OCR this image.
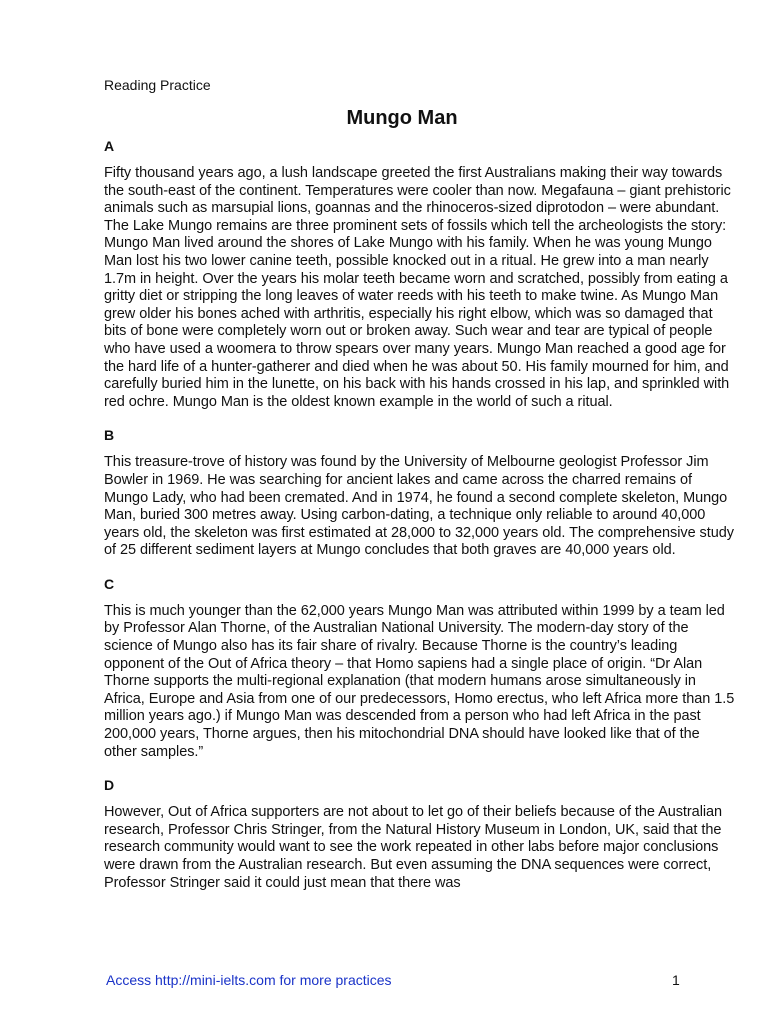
Reading Practice
Mungo Man

A

Fifty thousand years ago, a lush landscape greeted the first Australians making their way towards the south-east of the continent. Temperatures were cooler than now. Megafauna – giant prehistoric animals such as marsupial lions, goannas and the rhinoceros-sized diprotodon – were abundant. The Lake Mungo remains are three prominent sets of fossils which tell the archeologists the story: Mungo Man lived around the shores of Lake Mungo with his family. When he was young Mungo Man lost his two lower canine teeth, possible knocked out in a ritual. He grew into a man nearly 1.7m in height. Over the years his molar teeth became worn and scratched, possibly from eating a gritty diet or stripping the long leaves of water reeds with his teeth to make twine. As Mungo Man grew older his bones ached with arthritis, especially his right elbow, which was so damaged that bits of bone were completely worn out or broken away. Such wear and tear are typical of people who have used a woomera to throw spears over many years. Mungo Man reached a good age for the hard life of a hunter-gatherer and died when he was about 50. His family mourned for him, and carefully buried him in the lunette, on his back with his hands crossed in his lap, and sprinkled with red ochre. Mungo Man is the oldest known example in the world of such a ritual.

B

This treasure-trove of history was found by the University of Melbourne geologist Professor Jim Bowler in 1969. He was searching for ancient lakes and came across the charred remains of Mungo Lady, who had been cremated. And in 1974, he found a second complete skeleton, Mungo Man, buried 300 metres away. Using carbon-dating, a technique only reliable to around 40,000 years old, the skeleton was first estimated at 28,000 to 32,000 years old. The comprehensive study of 25 different sediment layers at Mungo concludes that both graves are 40,000 years old.

C

This is much younger than the 62,000 years Mungo Man was attributed within 1999 by a team led by Professor Alan Thorne, of the Australian National University. The modern-day story of the science of Mungo also has its fair share of rivalry. Because Thorne is the country’s leading opponent of the Out of Africa theory – that Homo sapiens had a single place of origin. “Dr Alan Thorne supports the multi-regional explanation (that modern humans arose simultaneously in Africa, Europe and Asia from one of our predecessors, Homo erectus, who left Africa more than 1.5 million years ago.) if Mungo Man was descended from a person who had left Africa in the past 200,000 years, Thorne argues, then his mitochondrial DNA should have looked like that of the other samples.”

D

However, Out of Africa supporters are not about to let go of their beliefs because of the Australian research, Professor Chris Stringer, from the Natural History Museum in London, UK, said that the research community would want to see the work repeated in other labs before major conclusions were drawn from the Australian research. But even assuming the DNA sequences were correct, Professor Stringer said it could just mean that there was

Access http://mini-ielts.com for more practices	1
